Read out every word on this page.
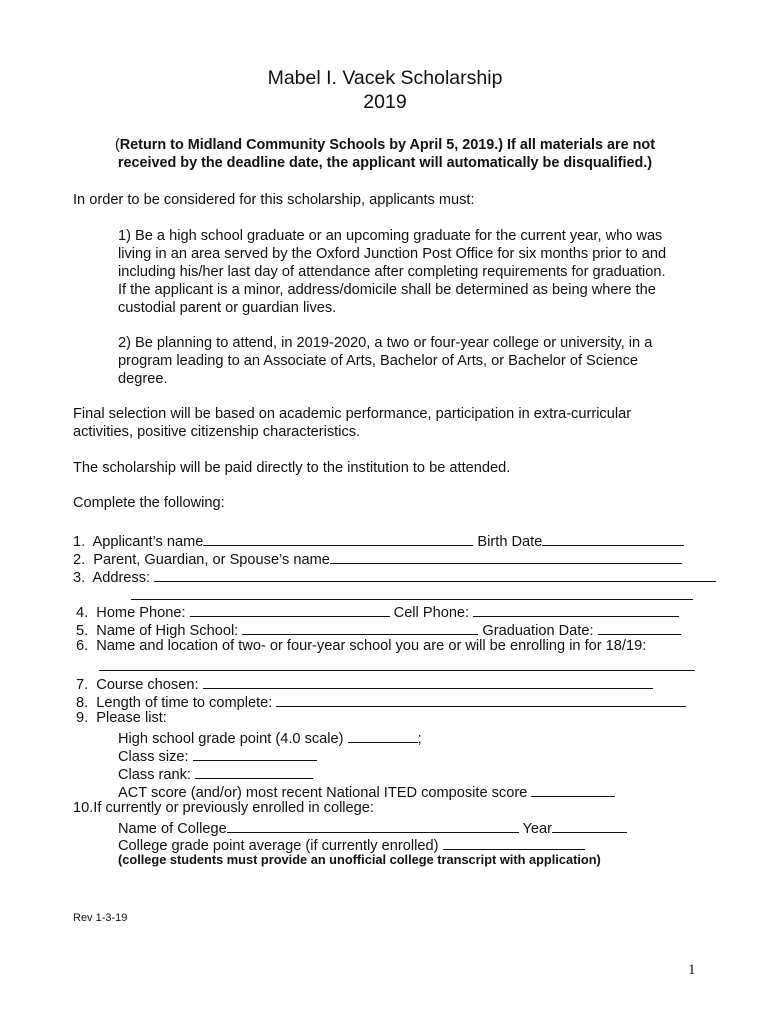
Mabel I. Vacek Scholarship
2019
(Return to Midland Community Schools by April 5, 2019.) If all materials are not
received by the deadline date, the applicant will automatically be disqualified.)
In order to be considered for this scholarship, applicants must:
1) Be a high school graduate or an upcoming graduate for the current year, who was
living in an area served by the Oxford Junction Post Office for six months prior to and
including his/her last day of attendance after completing requirements for graduation.
If the applicant is a minor, address/domicile shall be determined as being where the
custodial parent or guardian lives.
2) Be planning to attend, in 2019-2020, a two or four-year college or university, in a
program leading to an Associate of Arts, Bachelor of Arts, or Bachelor of Science
degree.
Final selection will be based on academic performance, participation in extra-curricular
activities, positive citizenship characteristics.
The scholarship will be paid directly to the institution to be attended.
Complete the following:
1. Applicant’s name	Birth Date
2. Parent, Guardian, or Spouse’s name
3. Address:
4. Home Phone:	Cell Phone:
5. Name of High School:	Graduation Date:
6. Name and location of two- or four-year school you are or will be enrolling in for 18/19:
7. Course chosen:
8. Length of time to complete:
9. Please list:
High school grade point (4.0 scale)	;
Class size:
Class rank:
ACT score (and/or) most recent National ITED composite score
10.If currently or previously enrolled in college:
Name of College	Year
College grade point average (if currently enrolled)
(college students must provide an unofficial college transcript with application)
Rev 1-3-19
1
